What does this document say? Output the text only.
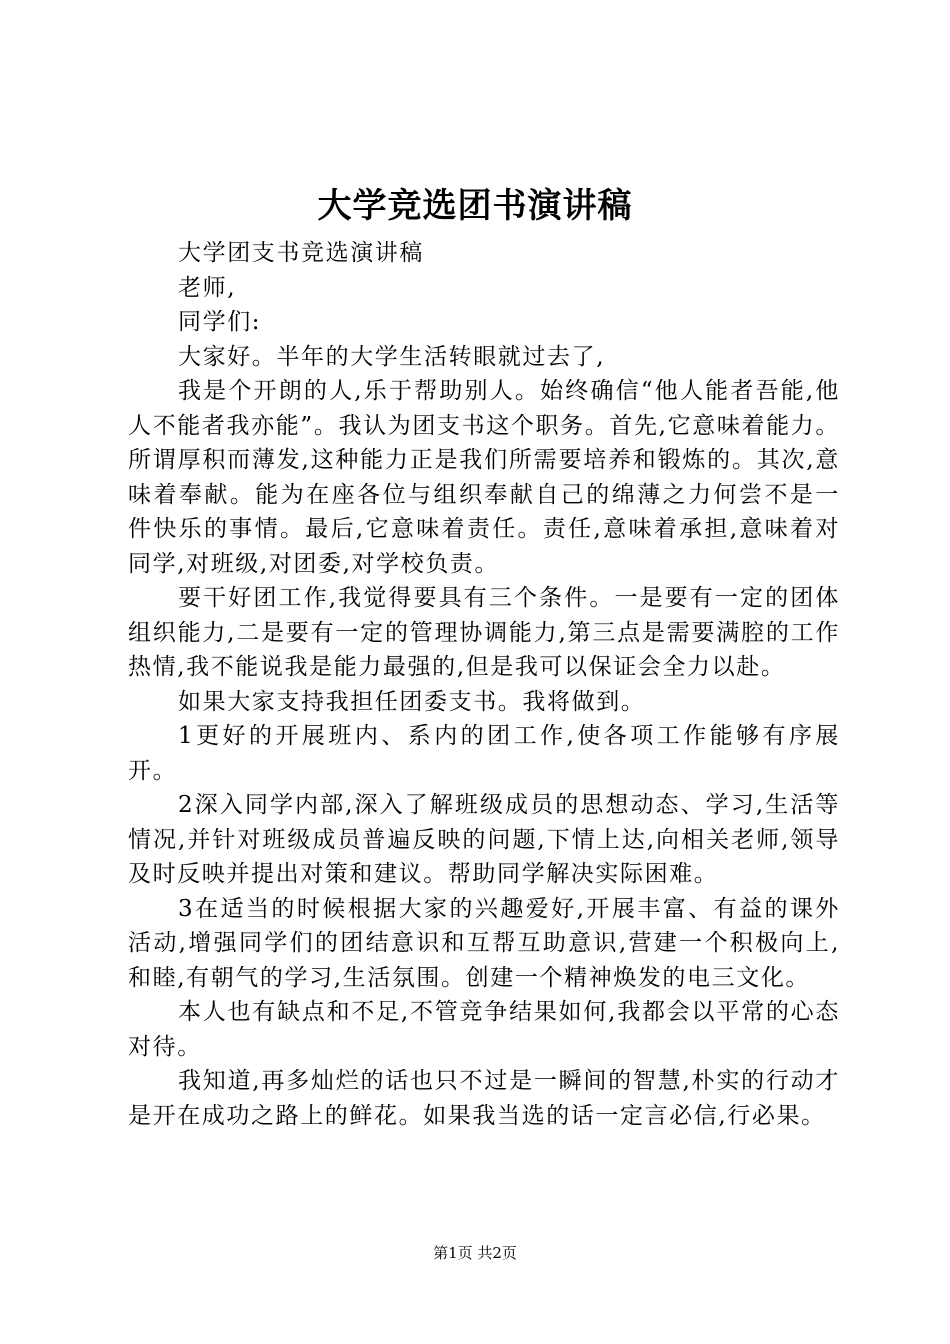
大学竞选团书演讲稿

大学团支书竞选演讲稿

老师,

同学们:

大家好。半年的大学生活转眼就过去了,

我是个开朗的人,乐于帮助别人。始终确信“他人能者吾能,他人不能者我亦能”。我认为团支书这个职务。首先,它意味着能力。所谓厚积而薄发,这种能力正是我们所需要培养和锻炼的。其次,意味着奉献。能为在座各位与组织奉献自己的绵薄之力何尝不是一件快乐的事情。最后,它意味着责任。责任,意味着承担,意味着对同学,对班级,对团委,对学校负责。

要干好团工作,我觉得要具有三个条件。一是要有一定的团体组织能力,二是要有一定的管理协调能力,第三点是需要满腔的工作热情,我不能说我是能力最强的,但是我可以保证会全力以赴。

如果大家支持我担任团委支书。我将做到。

1更好的开展班内、系内的团工作,使各项工作能够有序展开。

2深入同学内部,深入了解班级成员的思想动态、学习,生活等情况,并针对班级成员普遍反映的问题,下情上达,向相关老师,领导及时反映并提出对策和建议。帮助同学解决实际困难。

3在适当的时候根据大家的兴趣爱好,开展丰富、有益的课外活动,增强同学们的团结意识和互帮互助意识,营建一个积极向上,和睦,有朝气的学习,生活氛围。创建一个精神焕发的电三文化。

本人也有缺点和不足,不管竞争结果如何,我都会以平常的心态对待。

我知道,再多灿烂的话也只不过是一瞬间的智慧,朴实的行动才是开在成功之路上的鲜花。如果我当选的话一定言必信,行必果。

第1页 共2页
